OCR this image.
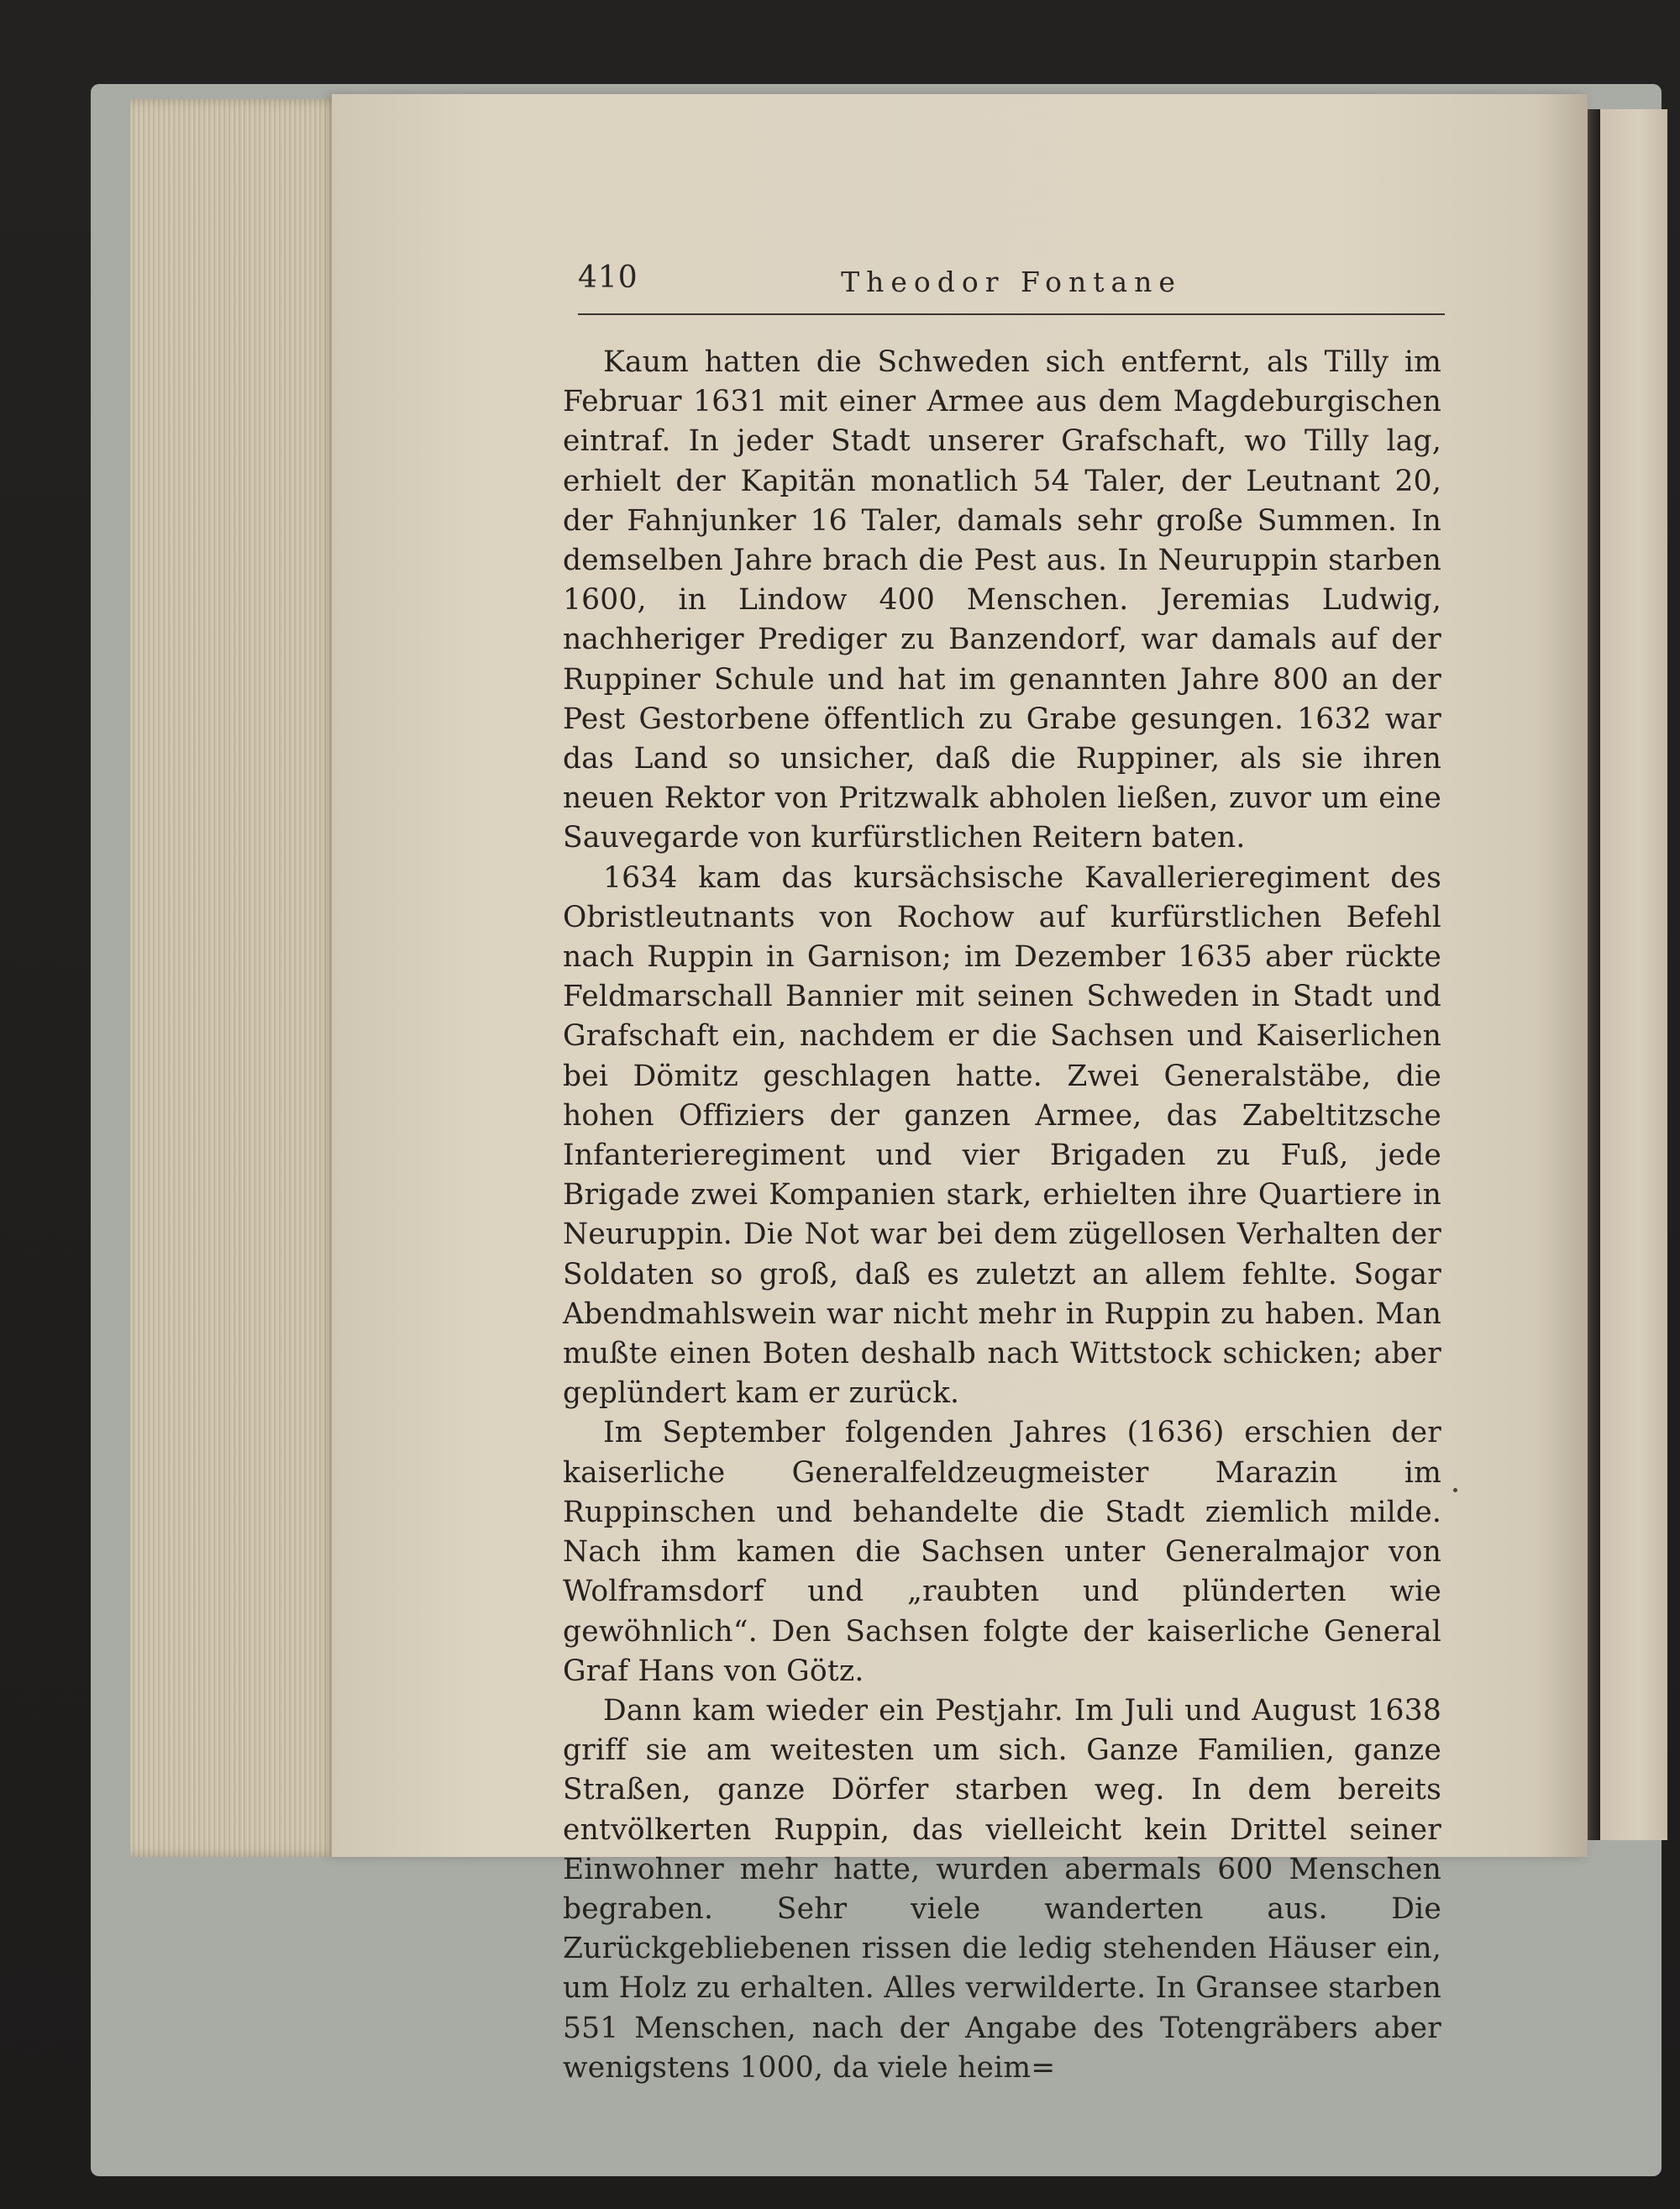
410	Theodor Fontane

Kaum hatten die Schweden sich entfernt, als Tilly im Februar 1631 mit einer Armee aus dem Magdeburgischen eintraf. In jeder Stadt unserer Grafschaft, wo Tilly lag, erhielt der Kapitän monatlich 54 Taler, der Leutnant 20, der Fahnjunker 16 Taler, damals sehr große Summen. In demselben Jahre brach die Pest aus. In Neuruppin starben 1600, in Lindow 400 Menschen. Jeremias Ludwig, nachheriger Prediger zu Banzendorf, war damals auf der Ruppiner Schule und hat im genannten Jahre 800 an der Pest Gestorbene öffentlich zu Grabe gesungen. 1632 war das Land so unsicher, daß die Ruppiner, als sie ihren neuen Rektor von Pritzwalk abholen ließen, zuvor um eine Sauvegarde von kurfürstlichen Reitern baten.

1634 kam das kursächsische Kavallerieregiment des Obristleutnants von Rochow auf kurfürstlichen Befehl nach Ruppin in Garnison; im Dezember 1635 aber rückte Feldmarschall Bannier mit seinen Schweden in Stadt und Grafschaft ein, nachdem er die Sachsen und Kaiserlichen bei Dömitz geschlagen hatte. Zwei Generalstäbe, die hohen Offiziers der ganzen Armee, das Zabeltitzsche Infanterieregiment und vier Brigaden zu Fuß, jede Brigade zwei Kompanien stark, erhielten ihre Quartiere in Neuruppin. Die Not war bei dem zügellosen Verhalten der Soldaten so groß, daß es zuletzt an allem fehlte. Sogar Abendmahlswein war nicht mehr in Ruppin zu haben. Man mußte einen Boten deshalb nach Wittstock schicken; aber geplündert kam er zurück.

Im September folgenden Jahres (1636) erschien der kaiserliche Generalfeldzeugmeister Marazin im Ruppinschen und behandelte die Stadt ziemlich milde. Nach ihm kamen die Sachsen unter Generalmajor von Wolframsdorf und „raubten und plünderten wie gewöhnlich“. Den Sachsen folgte der kaiserliche General Graf Hans von Götz.

Dann kam wieder ein Pestjahr. Im Juli und August 1638 griff sie am weitesten um sich. Ganze Familien, ganze Straßen, ganze Dörfer starben weg. In dem bereits entvölkerten Ruppin, das vielleicht kein Drittel seiner Einwohner mehr hatte, wurden abermals 600 Menschen begraben. Sehr viele wanderten aus. Die Zurückgebliebenen rissen die ledig stehenden Häuser ein, um Holz zu erhalten. Alles verwilderte. In Gransee starben 551 Menschen, nach der Angabe des Totengräbers aber wenigstens 1000, da viele heim=
